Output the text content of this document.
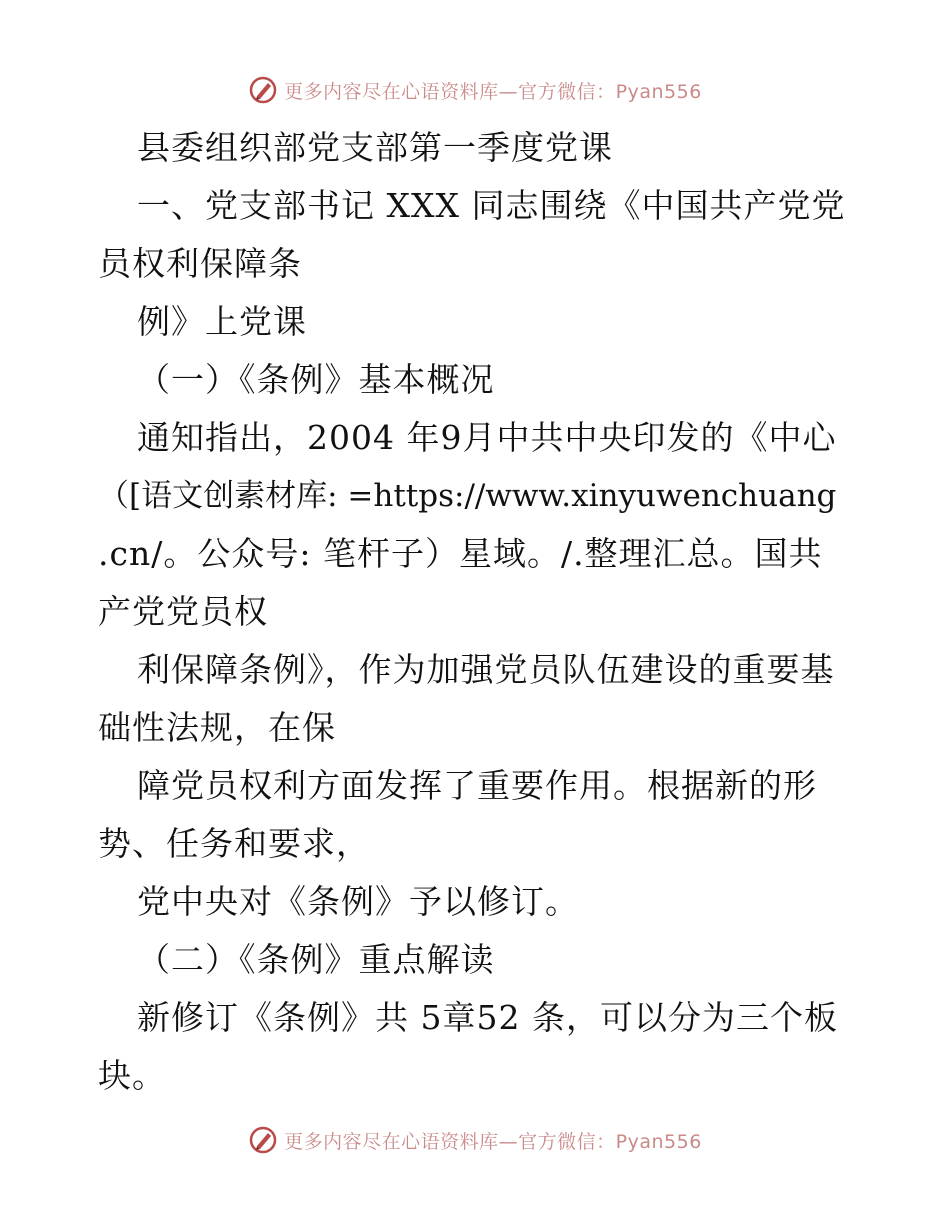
更多内容尽在心语资料库—官方微信：Pyan556
县委组织部党支部第一季度党课
一、党支部书记 XXX 同志围绕《中国共产党党
员权利保障条
例》上党课
（一）《条例》基本概况
通知指出，2004 年9月中共中央印发的《中心
（[语文创素材库: =https://www.xinyuwenchuang
.cn/。公众号: 笔杆子）星域。/.整理汇总。国共
产党党员权
利保障条例》，作为加强党员队伍建设的重要基
础性法规，在保
障党员权利方面发挥了重要作用。根据新的形
势、任务和要求，
党中央对《条例》予以修订。
（二）《条例》重点解读
新修订《条例》共 5章52 条，可以分为三个板
块。
更多内容尽在心语资料库—官方微信：Pyan556
